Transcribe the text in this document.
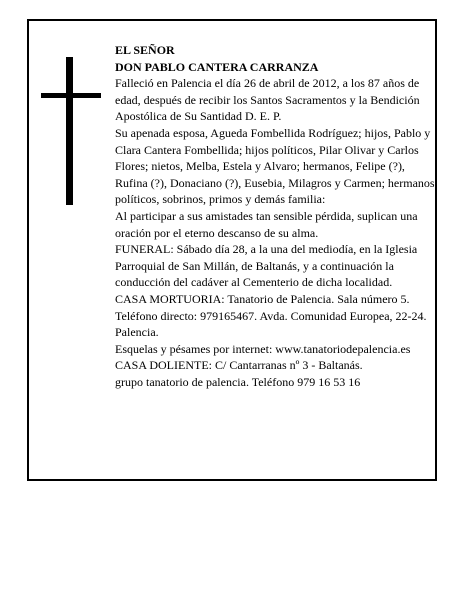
EL SEÑOR

DON PABLO CANTERA CARRANZA

Falleció en Palencia el día 26 de abril de 2012, a los 87 años de edad, después de recibir los Santos Sacramentos y la Bendición Apostólica de Su Santidad D. E. P.

Su apenada esposa, Agueda Fombellida Rodríguez; hijos, Pablo y Clara Cantera Fombellida; hijos políticos, Pilar Olivar y Carlos Flores; nietos, Melba, Estela y Alvaro; hermanos, Felipe (?), Rufina (?), Donaciano (?), Eusebia, Milagros y Carmen; hermanos políticos, sobrinos, primos y demás familia:

Al participar a sus amistades tan sensible pérdida, suplican una oración por el eterno descanso de su alma.

FUNERAL: Sábado día 28, a la una del mediodía, en la Iglesia Parroquial de San Millán, de Baltanás, y a continuación la conducción del cadáver al Cementerio de dicha localidad.

CASA MORTUORIA: Tanatorio de Palencia. Sala número 5. Teléfono directo: 979165467. Avda. Comunidad Europea, 22-24. Palencia.

Esquelas y pésames por internet: www.tanatoriodepalencia.es

CASA DOLIENTE: C/ Cantarranas nº 3 - Baltanás.

grupo tanatorio de palencia. Teléfono 979 16 53 16
